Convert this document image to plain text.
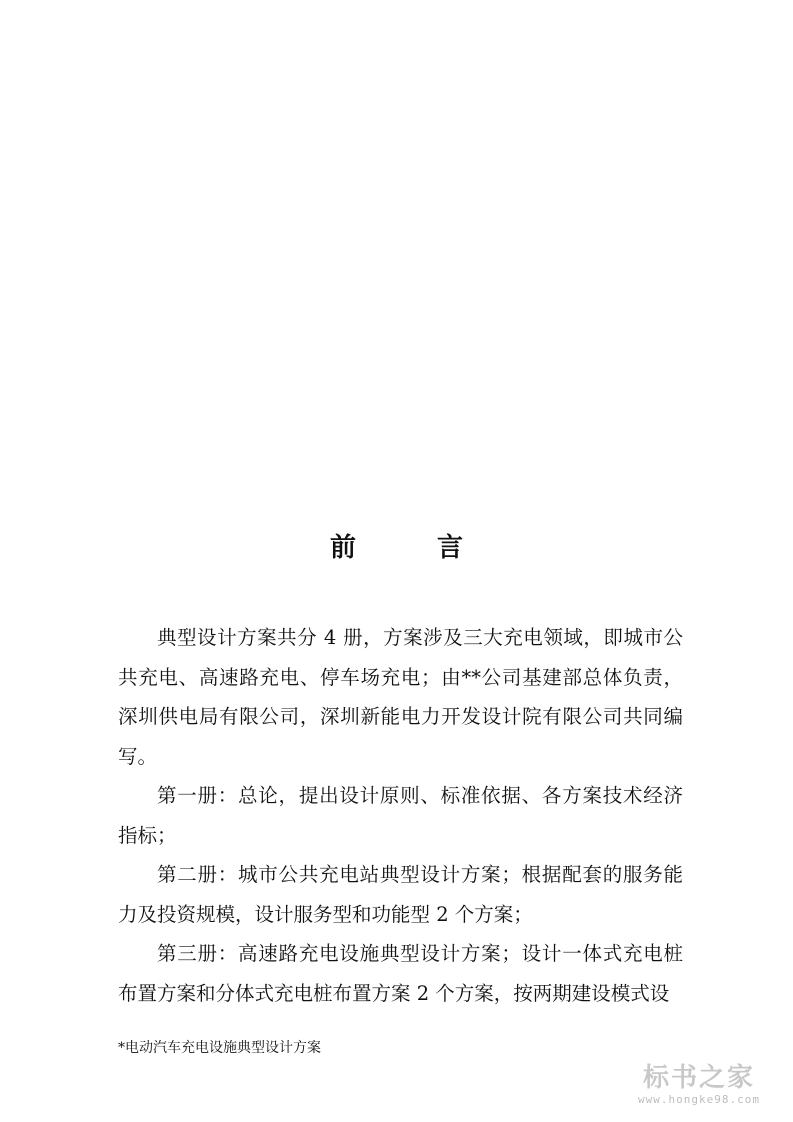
前 言

典型设计方案共分 4 册，方案涉及三大充电领域，即城市公共充电、高速路充电、停车场充电；由**公司基建部总体负责，深圳供电局有限公司，深圳新能电力开发设计院有限公司共同编写。

第一册：总论，提出设计原则、标准依据、各方案技术经济指标；

第二册：城市公共充电站典型设计方案；根据配套的服务能力及投资规模，设计服务型和功能型 2 个方案；

第三册：高速路充电设施典型设计方案；设计一体式充电桩布置方案和分体式充电桩布置方案 2 个方案，按两期建设模式设

*电动汽车充电设施典型设计方案
标书之家
www.hongke98.com
